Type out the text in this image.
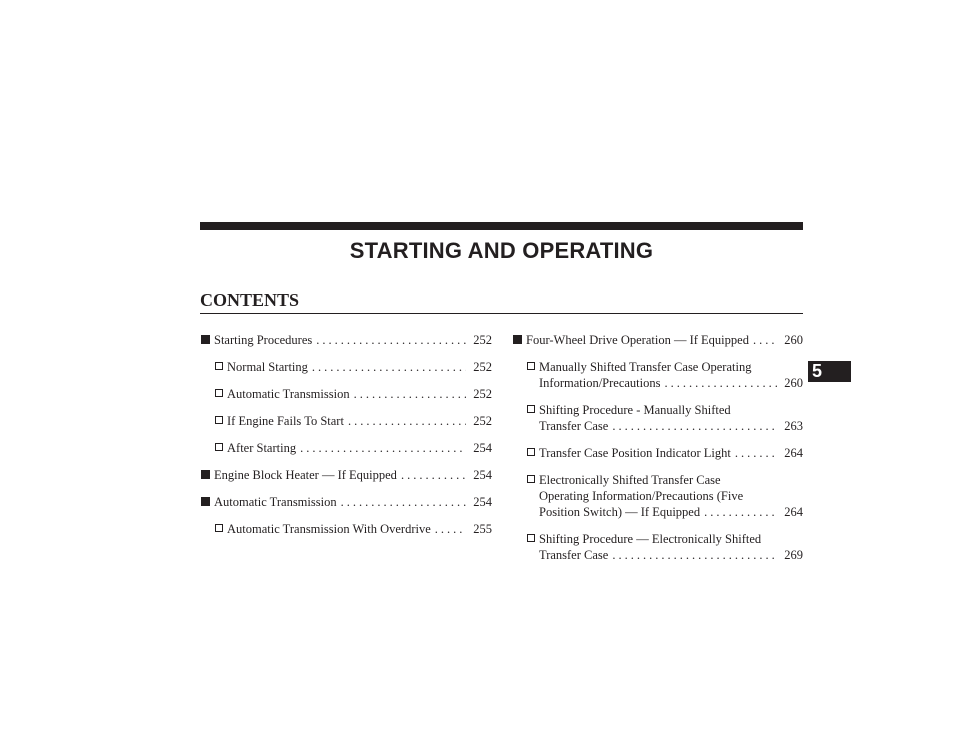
STARTING AND OPERATING
CONTENTS
5
Starting Procedures .....	252
Normal Starting .....	252
Automatic Transmission .....	252
If Engine Fails To Start .....	252
After Starting .....	254
Engine Block Heater — If Equipped .....	254
Automatic Transmission .....	254
Automatic Transmission With Overdrive .....	255
Four-Wheel Drive Operation — If Equipped .....	260
Manually Shifted Transfer Case Operating
Information/Precautions .....	260
Shifting Procedure - Manually Shifted
Transfer Case .....	263
Transfer Case Position Indicator Light .....	264
Electronically Shifted Transfer Case
Operating Information/Precautions (Five
Position Switch) — If Equipped .....	264
Shifting Procedure — Electronically Shifted
Transfer Case .....	269
